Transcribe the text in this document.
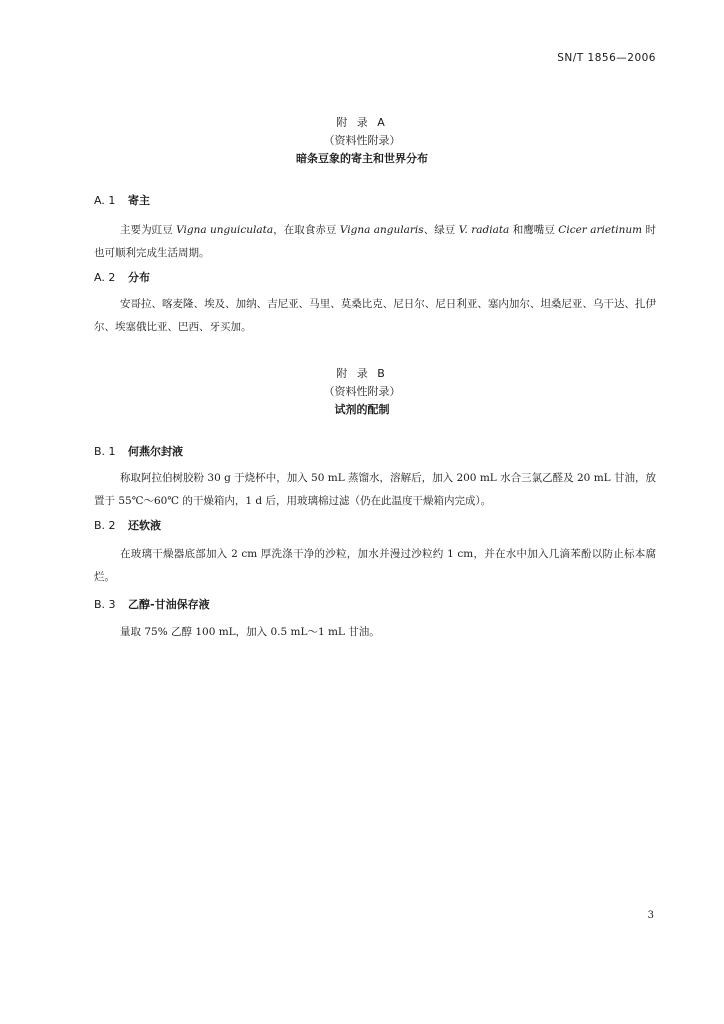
SN/T 1856—2006
附 录 A
（资料性附录）
暗条豆象的寄主和世界分布
A. 1 寄主

主要为豇豆 Vigna unguiculata，在取食赤豆 Vigna angularis、绿豆 V. radiata 和鹰嘴豆 Cicer arietinum 时也可顺利完成生活周期。

A. 2 分布

安哥拉、喀麦隆、埃及、加纳、吉尼亚、马里、莫桑比克、尼日尔、尼日利亚、塞内加尔、坦桑尼亚、乌干达、扎伊尔、埃塞俄比亚、巴西、牙买加。

附 录 B
（资料性附录）
试剂的配制
B. 1 何燕尔封液

称取阿拉伯树胶粉 30 g 于烧杯中，加入 50 mL 蒸馏水，溶解后，加入 200 mL 水合三氯乙醛及 20 mL 甘油，放置于 55℃～60℃ 的干燥箱内，1 d 后，用玻璃棉过滤（仍在此温度干燥箱内完成）。

B. 2 还软液

在玻璃干燥器底部加入 2 cm 厚洗涤干净的沙粒，加水并漫过沙粒约 1 cm，并在水中加入几滴苯酚以防止标本腐烂。

B. 3 乙醇-甘油保存液

量取 75% 乙醇 100 mL，加入 0.5 mL～1 mL 甘油。

3
